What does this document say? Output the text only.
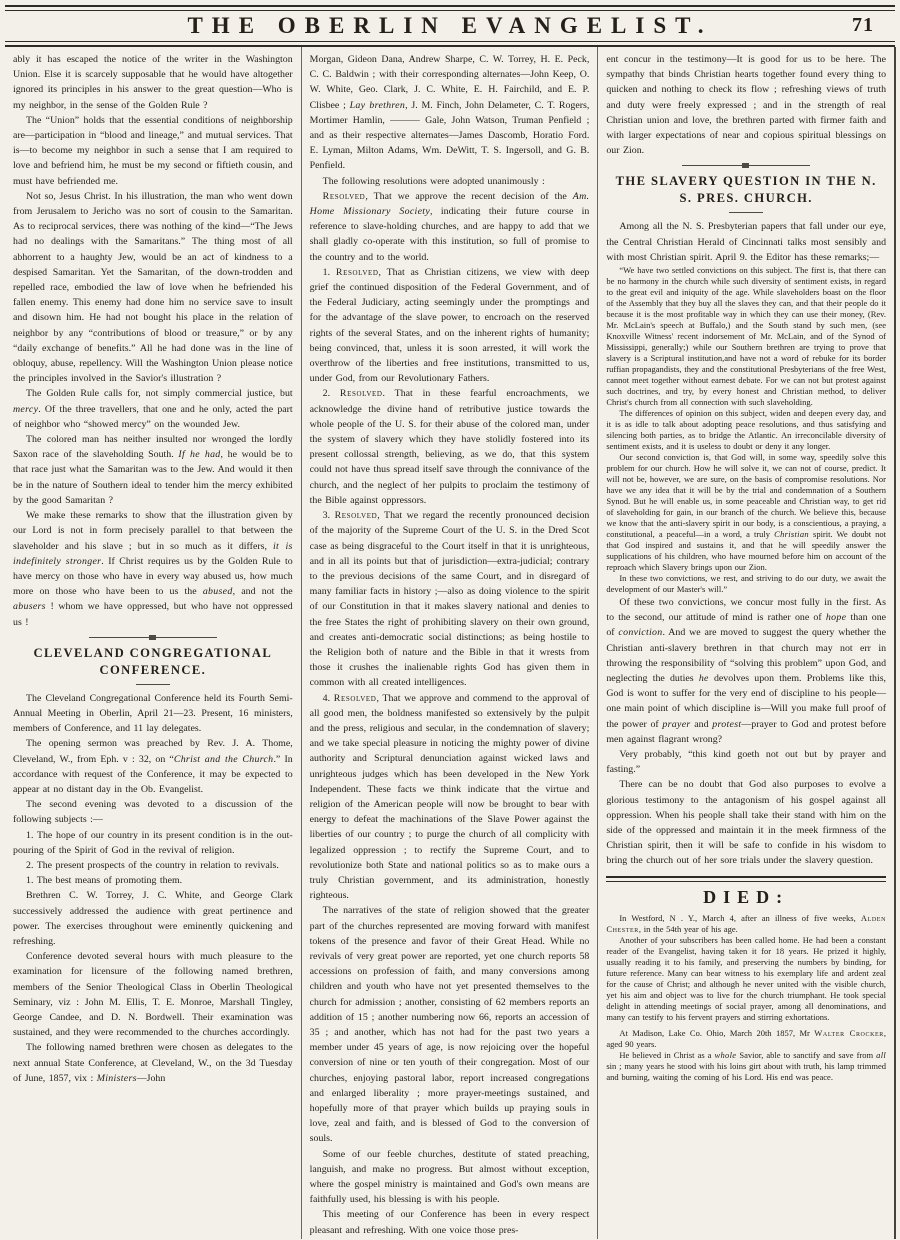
THE OBERLIN EVANGELIST.	71

ably it has escaped the notice of the writer in the Washington Union. Else it is scarcely supposable that he would have altogether ignored its principles in his answer to the great question—Who is my neighbor, in the sense of the Golden Rule ?

The “Union” holds that the essential conditions of neighborship are—participation in “blood and lineage,” and mutual services. That is—to become my neighbor in such a sense that I am required to love and befriend him, he must be my second or fiftieth cousin, and must have befriended me.

Not so, Jesus Christ. In his illustration, the man who went down from Jerusalem to Jericho was no sort of cousin to the Samaritan. As to reciprocal services, there was nothing of the kind—“The Jews had no dealings with the Samaritans.” The thing most of all abhorrent to a haughty Jew, would be an act of kindness to a despised Samaritan. Yet the Samaritan, of the down-trodden and repelled race, embodied the law of love when he befriended his fallen enemy. This enemy had done him no service save to insult and disown him. He had not bought his place in the relation of neighbor by any “contributions of blood or treasure,” or by any “daily exchange of benefits.” All he had done was in the line of obloquy, abuse, repellency. Will the Washington Union please notice the principles involved in the Savior's illustration ?

The Golden Rule calls for, not simply commercial justice, but mercy. Of the three travellers, that one and he only, acted the part of neighbor who “showed mercy” on the wounded Jew.

The colored man has neither insulted nor wronged the lordly Saxon race of the slaveholding South. If he had, he would be to that race just what the Samaritan was to the Jew. And would it then be in the nature of Southern ideal to tender him the mercy exhibited by the good Samaritan ?

We make these remarks to show that the illustration given by our Lord is not in form precisely parallel to that between the slaveholder and his slave ; but in so much as it differs, it is indefinitely stronger. If Christ requires us by the Golden Rule to have mercy on those who have in every way abused us, how much more on those who have been to us the abused, and not the abusers ! whom we have oppressed, but who have not oppressed us !

CLEVELAND CONGREGATIONAL CONFERENCE.

The Cleveland Congregational Conference held its Fourth Semi-Annual Meeting in Oberlin, April 21—23. Present, 16 ministers, members of Conference, and 11 lay delegates.

The opening sermon was preached by Rev. J. A. Thome, Cleveland, W., from Eph. v : 32, on “Christ and the Church.” In accordance with request of the Conference, it may be expected to appear at no distant day in the Ob. Evangelist.

The second evening was devoted to a discussion of the following subjects :—

1. The hope of our country in its present condition is in the out-pouring of the Spirit of God in the revival of religion.

2. The present prospects of the country in relation to revivals.

1. The best means of promoting them.

Brethren C. W. Torrey, J. C. White, and George Clark successively addressed the audience with great pertinence and power. The exercises throughout were eminently quickening and refreshing.

Conference devoted several hours with much pleasure to the examination for licensure of the following named brethren, members of the Senior Theological Class in Oberlin Theological Seminary, viz : John M. Ellis, T. E. Monroe, Marshall Tingley, George Candee, and D. N. Bordwell. Their examination was sustained, and they were recommended to the churches accordingly.

The following named brethren were chosen as delegates to the next annual State Conference, at Cleveland, W., on the 3d Tuesday of June, 1857, vix : Ministers—John

Morgan, Gideon Dana, Andrew Sharpe, C. W. Torrey, H. E. Peck, C. C. Baldwin ; with their corresponding alternates—John Keep, O. W. White, Geo. Clark, J. C. White, E. H. Fairchild, and E. P. Clisbee ; Lay brethren, J. M. Finch, John Delameter, C. T. Rogers, Mortimer Hamlin, ——— Gale, John Watson, Truman Penfield ; and as their respective alternates—James Dascomb, Horatio Ford. E. Lyman, Milton Adams, Wm. DeWitt, T. S. Ingersoll, and G. B. Penfield.

The following resolutions were adopted unanimously :

Resolved, That we approve the recent decision of the Am. Home Missionary Society, indicating their future course in reference to slave-holding churches, and are happy to add that we shall gladly co-operate with this institution, so full of promise to the country and to the world.

1. Resolved, That as Christian citizens, we view with deep grief the continued disposition of the Federal Government, and of the Federal Judiciary, acting seemingly under the promptings and for the advantage of the slave power, to encroach on the reserved rights of the several States, and on the inherent rights of humanity; being convinced, that, unless it is soon arrested, it will work the overthrow of the liberties and free institutions, transmitted to us, under God, from our Revolutionary Fathers.

2. Resolved. That in these fearful encroachments, we acknowledge the divine hand of retributive justice towards the whole people of the U. S. for their abuse of the colored man, under the system of slavery which they have stolidly fostered into its present collossal strength, believing, as we do, that this system could not have thus spread itself save through the connivance of the church, and the neglect of her pulpits to proclaim the testimony of the Bible against oppressors.

3. Resolved, That we regard the recently pronounced decision of the majority of the Supreme Court of the U. S. in the Dred Scot case as being disgraceful to the Court itself in that it is unrighteous, and in all its points but that of jurisdiction—extra-judicial; contrary to the previous decisions of the same Court, and in disregard of many familiar facts in history ;—also as doing violence to the spirit of our Constitution in that it makes slavery national and denies to the free States the right of prohibiting slavery on their own ground, and creates anti-democratic social distinctions; as being hostile to the Religion both of nature and the Bible in that it wrests from those it crushes the inalienable rights God has given them in common with all created intelligences.

4. Resolved, That we approve and commend to the approval of all good men, the boldness manifested so extensively by the pulpit and the press, religious and secular, in the condemnation of slavery; and we take special pleasure in noticing the mighty power of divine authority and Scriptural denunciation against wicked laws and unrighteous judges which has been developed in the New York Independent. These facts we think indicate that the virtue and religion of the American people will now be brought to bear with energy to defeat the machinations of the Slave Power against the liberties of our country ; to purge the church of all complicity with legalized oppression ; to rectify the Supreme Court, and to revolutionize both State and national politics so as to make ours a truly Christian government, and its administration, honestly righteous.

The narratives of the state of religion showed that the greater part of the churches represented are moving forward with manifest tokens of the presence and favor of their Great Head. While no revivals of very great power are reported, yet one church reports 58 accessions on profession of faith, and many conversions among children and youth who have not yet presented themselves to the church for admission ; another, consisting of 62 members reports an addition of 15 ; another numbering now 66, reports an accession of 35 ; and another, which has not had for the past two years a member under 45 years of age, is now rejoicing over the hopeful conversion of nine or ten youth of their congregation. Most of our churches, enjoying pastoral labor, report increased congregations and enlarged liberality ; more prayer-meetings sustained, and hopefully more of that prayer which builds up praying souls in love, zeal and faith, and is blessed of God to the conversion of souls.

Some of our feeble churches, destitute of stated preaching, languish, and make no progress. But almost without exception, where the gospel ministry is maintained and God's own means are faithfully used, his blessing is with his people.

This meeting of our Conference has been in every respect pleasant and refreshing. With one voice those pres-

ent concur in the testimony—It is good for us to be here. The sympathy that binds Christian hearts together found every thing to quicken and nothing to check its flow ; refreshing views of truth and duty were freely expressed ; and in the strength of real Christian union and love, the brethren parted with firmer faith and with larger expectations of near and copious spiritual blessings on our Zion.

THE SLAVERY QUESTION IN THE N. S. PRES. CHURCH.

Among all the N. S. Presbyterian papers that fall under our eye, the Central Christian Herald of Cincinnati talks most sensibly and with most Christian spirit. April 9. the Editor has these remarks;—

“We have two settled convictions on this subject. The first is, that there can be no harmony in the church while such diversity of sentiment exists, in regard to the great evil and iniquity of the age. While slaveholders boast on the floor of the Assembly that they buy all the slaves they can, and that their people do it because it is the most profitable way in which they can use their money, (Rev. Mr. McLain's speech at Buffalo,) and the South stand by such men, (see Knoxville Witness' recent indorsement of Mr. McLain, and of the Synod of Mississippi, generally;) while our Southern brethren are trying to prove that slavery is a Scriptural institution,and have not a word of rebuke for its border ruffian propagandists, they and the constitutional Presbyterians of the free West, cannot meet together without earnest debate. For we can not but protest against such doctrines, and try, by every honest and Christian method, to deliver Christ's church from all connection with such slaveholding.

The differences of opinion on this subject, widen and deepen every day, and it is as idle to talk about adopting peace resolutions, and thus satisfying and silencing both parties, as to bridge the Atlantic. An irreconcilable diversity of sentiment exists, and it is useless to doubt or deny it any longer.

Our second conviction is, that God will, in some way, speedily solve this problem for our church. How he will solve it, we can not of course, predict. It will not be, however, we are sure, on the basis of compromise resolutions. Nor have we any idea that it will be by the trial and condemnation of a Southern Synod. But he will enable us, in some peaceable and Christian way, to get rid of slaveholding for gain, in our branch of the church. We believe this, because we know that the anti-slavery spirit in our body, is a conscientious, a praying, a constitutional, a peaceful—in a word, a truly Christian spirit. We doubt not that God inspired and sustains it, and that he will speedily answer the supplications of his children, who have mourned before him on account of the reproach which Slavery brings upon our Zion.

In these two convictions, we rest, and striving to do our duty, we await the development of our Master's will.”

Of these two convictions, we concur most fully in the first. As to the second, our attitude of mind is rather one of hope than one of conviction. And we are moved to suggest the query whether the Christian anti-slavery brethren in that church may not err in throwing the responsibility of “solving this problem” upon God, and neglecting the duties he devolves upon them. Problems like this, God is wont to suffer for the very end of discipline to his people—one main point of which discipline is—Will you make full proof of the power of prayer and protest—prayer to God and protest before men against flagrant wrong?

Very probably, “this kind goeth not out but by prayer and fasting.”

There can be no doubt that God also purposes to evolve a glorious testimony to the antagonism of his gospel against all oppression. When his people shall take their stand with him on the side of the oppressed and maintain it in the meek firmness of the Christian spirit, then it will be safe to confide in his wisdom to bring the church out of her sore trials under the slavery question.

DIED:

In Westford, N . Y., March 4, after an illness of five weeks, Alden Chester, in the 54th year of his age.

Another of your subscribers has been called home. He had been a constant reader of the Evangelist, having taken it for 18 years. He prized it highly, usually reading it to his family, and preserving the numbers by binding, for future reference. Many can bear witness to his exemplary life and ardent zeal for the cause of Christ; and although he never united with the visible church, yet his aim and object was to live for the church triumphant. He took special delight in attending meetings of social prayer, among all denominations, and many can testify to his fervent prayers and stirring exhortations.

At Madison, Lake Co. Ohio, March 20th 1857, Mr Walter Crocker, aged 90 years.

He believed in Christ as a whole Savior, able to sanctify and save from all sin ; many years he stood with his loins girt about with truth, his lamp trimmed and burning, waiting the coming of his Lord. His end was peace.
